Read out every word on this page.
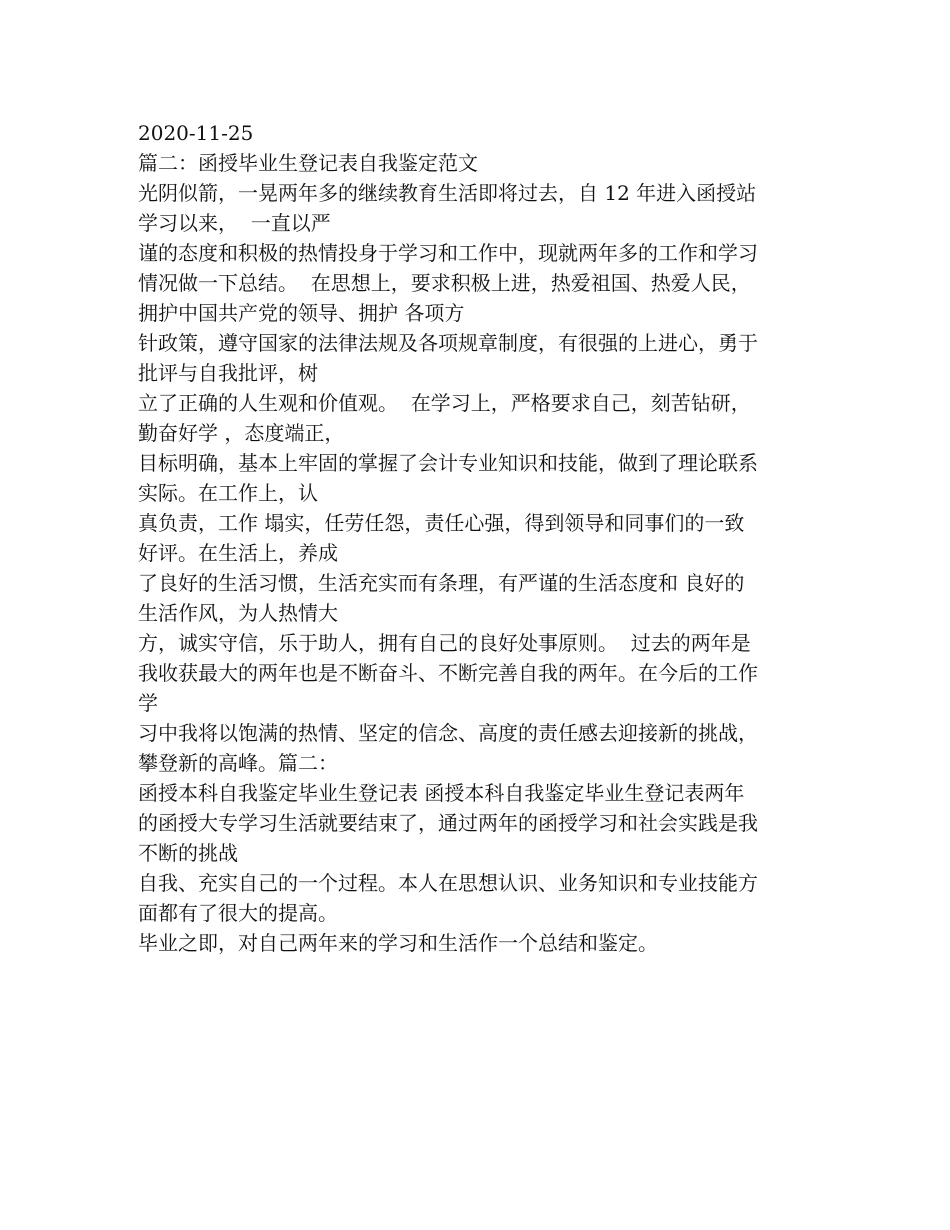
2020-11-25
篇二：函授毕业生登记表自我鉴定范文
光阴似箭，一晃两年多的继续教育生活即将过去，自 12 年进入函授站
学习以来，  一直以严
谨的态度和积极的热情投身于学习和工作中，现就两年多的工作和学习
情况做一下总结。  在思想上，要求积极上进，热爱祖国、热爱人民，
拥护中国共产党的领导、拥护 各项方
针政策，遵守国家的法律法规及各项规章制度，有很强的上进心，勇于
批评与自我批评，树
立了正确的人生观和价值观。  在学习上，严格要求自己，刻苦钻研，
勤奋好学 ，态度端正，
目标明确，基本上牢固的掌握了会计专业知识和技能，做到了理论联系
实际。在工作上，认
真负责，工作 塌实，任劳任怨，责任心强，得到领导和同事们的一致
好评。在生活上，养成
了良好的生活习惯，生活充实而有条理，有严谨的生活态度和 良好的
生活作风，为人热情大
方，诚实守信，乐于助人，拥有自己的良好处事原则。  过去的两年是
我收获最大的两年也是不断奋斗、不断完善自我的两年。在今后的工作
学
习中我将以饱满的热情、坚定的信念、高度的责任感去迎接新的挑战，
攀登新的高峰。篇二：
函授本科自我鉴定毕业生登记表 函授本科自我鉴定毕业生登记表两年
的函授大专学习生活就要结束了，通过两年的函授学习和社会实践是我
不断的挑战
自我、充实自己的一个过程。本人在思想认识、业务知识和专业技能方
面都有了很大的提高。
毕业之即，对自己两年来的学习和生活作一个总结和鉴定。
